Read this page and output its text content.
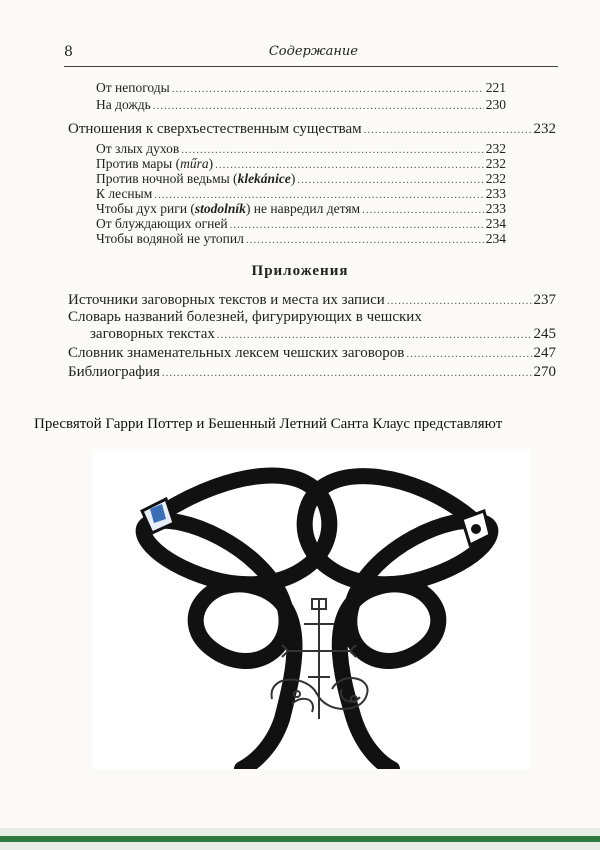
8	Содержание
От непогоды .....	221
На дождь .....	230
Отношения к сверхъестественным существам .....	232
От злых духов .....	232
Против мары (műra) .....	232
Против ночной ведьмы (klekánice) .....	232
К лесным .....	233
Чтобы дух риги (stodolník) не навредил детям .....	233
От блуждающих огней .....	234
Чтобы водяной не утопил .....	234
Приложения
Источники заговорных текстов и места их записи .....	237
Словарь названий болезней, фигурирующих в чешских
заговорных текстах .....	245
Словник знаменательных лексем чешских заговоров .....	247
Библиография .....	270
Пресвятой Гарри Поттер и Бешенный Летний Санта Клаус представляют
